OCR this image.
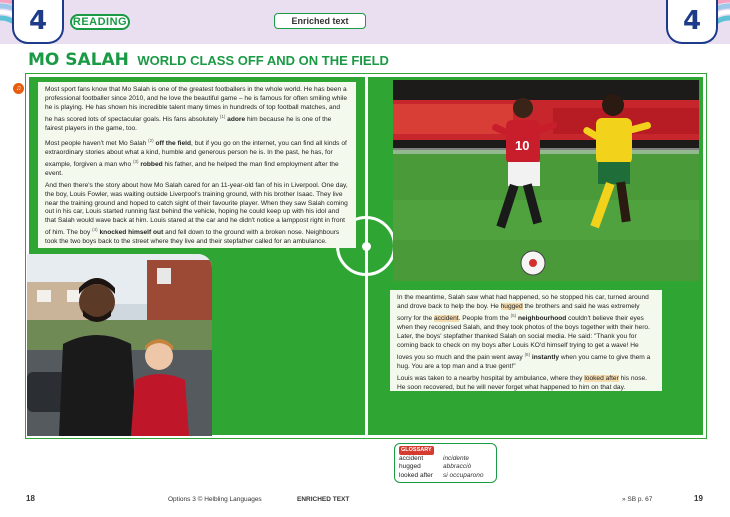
4	4
READING	Enriched text
MO SALAH WORLD CLASS OFF AND ON THE FIELD
♫	Most sport fans know that Mo Salah is one of the greatest footballers in the whole world. He has been a professional footballer since 2010, and he love the beautiful game – he is famous for often smiling while he is playing. He has shown his incredible talent many times in hundreds of top football matches, and he has scored lots of spectacular goals. His fans absolutely $^{(1)}$ adore him because he is one of the fairest players in the game, too.

Most people haven't met Mo Salah $^{(2)}$ off the field, but if you go on the internet, you can find all kinds of extraordinary stories about what a kind, humble and generous person he is. In the past, he has, for example, forgiven a man who $^{(3)}$ robbed his father, and he helped the man find employment after the event.

And then there's the story about how Mo Salah cared for an 11-year-old fan of his in Liverpool. One day, the boy, Louis Fowler, was waiting outside Liverpool's training ground, with his brother Isaac. They live near the training ground and hoped to catch sight of their favourite player. When they saw Salah coming out in his car, Louis started running fast behind the vehicle, hoping he could keep up with his idol and that Salah would wave back at him. Louis stared at the car and he didn't notice a lamppost right in front of him. The boy $^{(4)}$ knocked himself out and fell down to the ground with a broken nose. Neighbours took the two boys back to the street where they live and their stepfather called for an ambulance.

10

In the meantime, Salah saw what had happened, so he stopped his car, turned around and drove back to help the boy. He hugged the brothers and said he was extremely sorry for the accident. People from the $^{(5)}$ neighbourhood couldn't believe their eyes when they recognised Salah, and they took photos of the boys together with their hero. Later, the boys' stepfather thanked Salah on social media. He said: "Thank you for coming back to check on my boys after Louis KO'd himself trying to get a wave! He loves you so much and the pain went away $^{(6)}$ instantly when you came to give them a hug. You are a top man and a true gent!"

Louis was taken to a nearby hospital by ambulance, where they looked after his nose. He soon recovered, but he will never forget what happened to him on that day.

GLOSSARY
accident	incidente
hugged	abbracciò
looked after	si occuparono
18	Options 3 © Helbling Languages	ENRICHED TEXT	» SB p. 67	19
